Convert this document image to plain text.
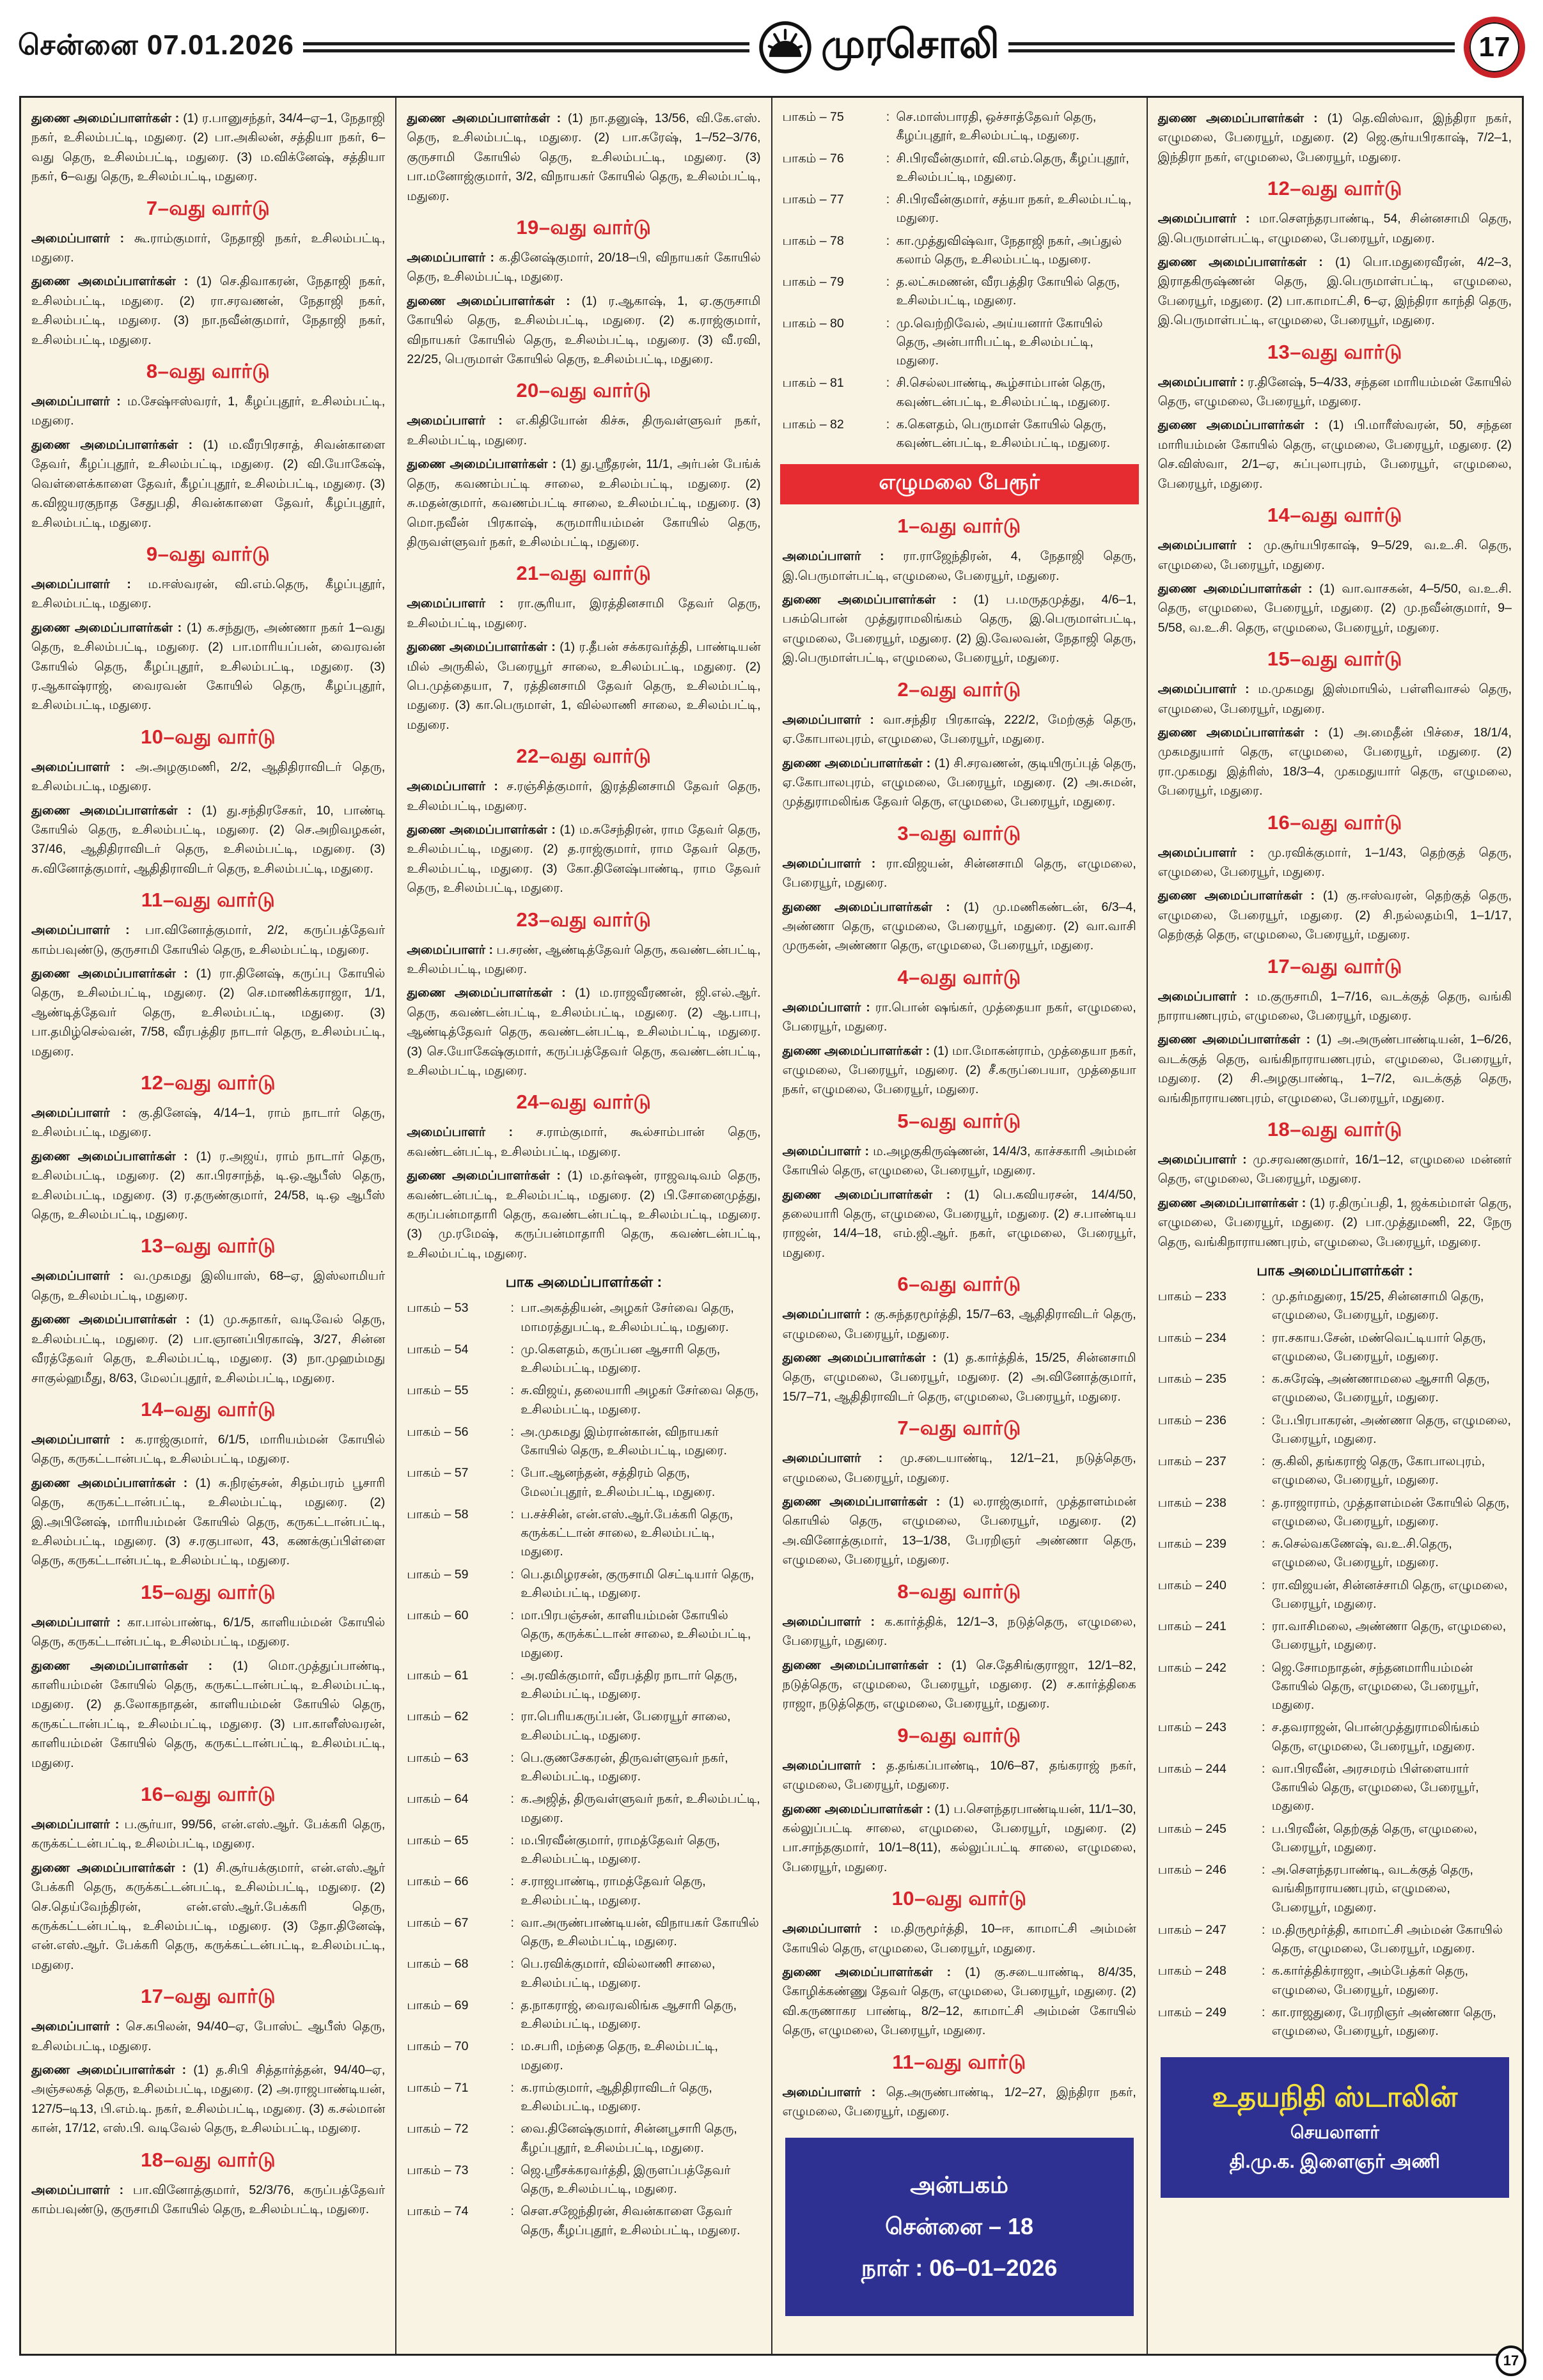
சென்னை 07.01.2026	முரசொலி	17

துணை அமைப்பாளர்கள் : (1) ர.பானுசந்தர், 34/4–ஏ–1, நேதாஜி நகர், உசிலம்பட்டி, மதுரை. (2) பா.அகிலன், சத்தியா நகர், 6–வது தெரு, உசிலம்பட்டி, மதுரை. (3) ம.விக்னேஷ், சத்தியா நகர், 6–வது தெரு, உசிலம்பட்டி, மதுரை.

7–வது வார்டு

அமைப்பாளர் : கூ.ராம்குமார், நேதாஜி நகர், உசிலம்பட்டி, மதுரை.

துணை அமைப்பாளர்கள் : (1) செ.திவாகரன், நேதாஜி நகர், உசிலம்பட்டி, மதுரை. (2) ரா.சரவணன், நேதாஜி நகர், உசிலம்பட்டி, மதுரை. (3) நா.நவீன்குமார், நேதாஜி நகர், உசிலம்பட்டி, மதுரை.

8–வது வார்டு

அமைப்பாளர் : ம.சேஷ்ஈஸ்வரர், 1, கீழப்புதூர், உசிலம்பட்டி, மதுரை.

துணை அமைப்பாளர்கள் : (1) ம.வீரபிரசாத், சிவன்காளை தேவர், கீழப்புதூர், உசிலம்பட்டி, மதுரை. (2) வி.யோகேஷ், வெள்ளைக்காளை தேவர், கீழப்புதூர், உசிலம்பட்டி, மதுரை. (3) க.விஜயரகுநாத சேதுபதி, சிவன்காளை தேவர், கீழப்புதூர், உசிலம்பட்டி, மதுரை.

9–வது வார்டு

அமைப்பாளர் : ம.ஈஸ்வரன், வி.எம்.தெரு, கீழப்புதூர், உசிலம்பட்டி, மதுரை.

துணை அமைப்பாளர்கள் : (1) க.சந்துரு, அண்ணா நகர் 1–வது தெரு, உசிலம்பட்டி, மதுரை. (2) பா.மாரியப்பன், வைரவன் கோயில் தெரு, கீழப்புதூர், உசிலம்பட்டி, மதுரை. (3) ர.ஆகாஷ்ராஜ், வைரவன் கோயில் தெரு, கீழப்புதூர், உசிலம்பட்டி, மதுரை.

10–வது வார்டு

அமைப்பாளர் : அ.அழகுமணி, 2/2, ஆதிதிராவிடர் தெரு, உசிலம்பட்டி, மதுரை.

துணை அமைப்பாளர்கள் : (1) து.சந்திரசேகர், 10, பாண்டி கோயில் தெரு, உசிலம்பட்டி, மதுரை. (2) செ.அறிவழகன், 37/46, ஆதிதிராவிடர் தெரு, உசிலம்பட்டி, மதுரை. (3) சு.வினோத்குமார், ஆதிதிராவிடர் தெரு, உசிலம்பட்டி, மதுரை.

11–வது வார்டு

அமைப்பாளர் : பா.வினோத்குமார், 2/2, கருப்பத்தேவர் காம்பவுண்டு, குருசாமி கோயில் தெரு, உசிலம்பட்டி, மதுரை.

துணை அமைப்பாளர்கள் : (1) ரா.தினேஷ், கருப்பு கோயில் தெரு, உசிலம்பட்டி, மதுரை. (2) செ.மாணிக்கராஜா, 1/1, ஆண்டித்தேவர் தெரு, உசிலம்பட்டி, மதுரை. (3) பா.தமிழ்செல்வன், 7/58, வீரபத்திர நாடார் தெரு, உசிலம்பட்டி, மதுரை.

12–வது வார்டு

அமைப்பாளர் : கு.தினேஷ், 4/14–1, ராம் நாடார் தெரு, உசிலம்பட்டி, மதுரை.

துணை அமைப்பாளர்கள் : (1) ர.அஜய், ராம் நாடார் தெரு, உசிலம்பட்டி, மதுரை. (2) கா.பிரசாந்த், டி.ஒ.ஆபீஸ் தெரு, உசிலம்பட்டி, மதுரை. (3) ர.தருண்குமார், 24/58, டி.ஒ ஆபீஸ் தெரு, உசிலம்பட்டி, மதுரை.

13–வது வார்டு

அமைப்பாளர் : வ.முகமது இலியாஸ், 68–ஏ, இஸ்லாமியர் தெரு, உசிலம்பட்டி, மதுரை.

துணை அமைப்பாளர்கள் : (1) மு.சுதாகர், வடிவேல் தெரு, உசிலம்பட்டி, மதுரை. (2) பா.ஞானப்பிரகாஷ், 3/27, சின்ன வீரத்தேவர் தெரு, உசிலம்பட்டி, மதுரை. (3) நா.முஹம்மது சாகுல்ஹமீது, 8/63, மேலப்புதூர், உசிலம்பட்டி, மதுரை.

14–வது வார்டு

அமைப்பாளர் : க.ராஜ்குமார், 6/1/5, மாரியம்மன் கோயில் தெரு, கருகட்டான்பட்டி, உசிலம்பட்டி, மதுரை.

துணை அமைப்பாளர்கள் : (1) சு.நிரஞ்சன், சிதம்பரம் பூசாரி தெரு, கருகட்டான்பட்டி, உசிலம்பட்டி, மதுரை. (2) இ.அபினேஷ், மாரியம்மன் கோயில் தெரு, கருகட்டான்பட்டி, உசிலம்பட்டி, மதுரை. (3) ச.ரகுபாலா, 43, கணக்குப்பிள்ளை தெரு, கருகட்டான்பட்டி, உசிலம்பட்டி, மதுரை.

15–வது வார்டு

அமைப்பாளர் : கா.பால்பாண்டி, 6/1/5, காளியம்மன் கோயில் தெரு, கருகட்டான்பட்டி, உசிலம்பட்டி, மதுரை.

துணை அமைப்பாளர்கள் : (1) மொ.முத்துப்பாண்டி, காளியம்மன் கோயில் தெரு, கருகட்டான்பட்டி, உசிலம்பட்டி, மதுரை. (2) த.லோகநாதன், காளியம்மன் கோயில் தெரு, கருகட்டான்பட்டி, உசிலம்பட்டி, மதுரை. (3) பா.காளீஸ்வரன், காளியம்மன் கோயில் தெரு, கருகட்டான்பட்டி, உசிலம்பட்டி, மதுரை.

16–வது வார்டு

அமைப்பாளர் : ப.சூர்யா, 99/56, என்.எஸ்.ஆர். பேக்கரி தெரு, கருக்கட்டன்பட்டி, உசிலம்பட்டி, மதுரை.

துணை அமைப்பாளர்கள் : (1) சி.சூர்யக்குமார், என்.எஸ்.ஆர் பேக்கரி தெரு, கருக்கட்டன்பட்டி, உசிலம்பட்டி, மதுரை. (2) செ.தெய்வேந்திரன், என்.எஸ்.ஆர்.பேக்கரி தெரு, கருக்கட்டன்பட்டி, உசிலம்பட்டி, மதுரை. (3) தோ.தினேஷ், என்.எஸ்.ஆர். பேக்கரி தெரு, கருக்கட்டன்பட்டி, உசிலம்பட்டி, மதுரை.

17–வது வார்டு

அமைப்பாளர் : செ.கபிலன், 94/40–ஏ, போஸ்ட் ஆபீஸ் தெரு, உசிலம்பட்டி, மதுரை.

துணை அமைப்பாளர்கள் : (1) த.சிபி சித்தார்த்தன், 94/40–ஏ, அஞ்சலகத் தெரு, உசிலம்பட்டி, மதுரை. (2) அ.ராஜபாண்டியன், 127/5–டி13, பி.எம்.டி. நகர், உசிலம்பட்டி, மதுரை. (3) க.சல்மான் கான், 17/12, எஸ்.பி. வடிவேல் தெரு, உசிலம்பட்டி, மதுரை.

18–வது வார்டு

அமைப்பாளர் : பா.வினோத்குமார், 52/3/76, கருப்பத்தேவர் காம்பவுண்டு, குருசாமி கோயில் தெரு, உசிலம்பட்டி, மதுரை.

துணை அமைப்பாளர்கள் : (1) நா.தனுஷ், 13/56, வி.கே.எஸ். தெரு, உசிலம்பட்டி, மதுரை. (2) பா.சுரேஷ், 1–/52–3/76, குருசாமி கோயில் தெரு, உசிலம்பட்டி, மதுரை. (3) பா.மனோஜ்குமார், 3/2, விநாயகர் கோயில் தெரு, உசிலம்பட்டி, மதுரை.

19–வது வார்டு

அமைப்பாளர் : க.தினேஷ்குமார், 20/18–பி, விநாயகர் கோயில் தெரு, உசிலம்பட்டி, மதுரை.

துணை அமைப்பாளர்கள் : (1) ர.ஆகாஷ், 1, ஏ.குருசாமி கோயில் தெரு, உசிலம்பட்டி, மதுரை. (2) க.ராஜ்குமார், விநாயகர் கோயில் தெரு, உசிலம்பட்டி, மதுரை. (3) வீ.ரவி, 22/25, பெருமாள் கோயில் தெரு, உசிலம்பட்டி, மதுரை.

20–வது வார்டு

அமைப்பாளர் : எ.கிதியோன் கிச்சு, திருவள்ளுவர் நகர், உசிலம்பட்டி, மதுரை.

துணை அமைப்பாளர்கள் : (1) து.ஸ்ரீதரன், 11/1, அர்பன் பேங்க் தெரு, கவணம்பட்டி சாலை, உசிலம்பட்டி, மதுரை. (2) சு.மதன்குமார், கவணம்பட்டி சாலை, உசிலம்பட்டி, மதுரை. (3) மொ.நவீன் பிரகாஷ், கருமாரியம்மன் கோயில் தெரு, திருவள்ளுவர் நகர், உசிலம்பட்டி, மதுரை.

21–வது வார்டு

அமைப்பாளர் : ரா.சூரியா, இரத்தினசாமி தேவர் தெரு, உசிலம்பட்டி, மதுரை.

துணை அமைப்பாளர்கள் : (1) ர.தீபன் சக்கரவர்த்தி, பாண்டியன் மில் அருகில், பேரையூர் சாலை, உசிலம்பட்டி, மதுரை. (2) பெ.முத்தையா, 7, ரத்தினசாமி தேவர் தெரு, உசிலம்பட்டி, மதுரை. (3) கா.பெருமாள், 1, வில்லாணி சாலை, உசிலம்பட்டி, மதுரை.

22–வது வார்டு

அமைப்பாளர் : ச.ரஞ்சித்குமார், இரத்தினசாமி தேவர் தெரு, உசிலம்பட்டி, மதுரை.

துணை அமைப்பாளர்கள் : (1) ம.சுசேந்திரன், ராம தேவர் தெரு, உசிலம்பட்டி, மதுரை. (2) த.ராஜ்குமார், ராம தேவர் தெரு, உசிலம்பட்டி, மதுரை. (3) கோ.தினேஷ்பாண்டி, ராம தேவர் தெரு, உசிலம்பட்டி, மதுரை.

23–வது வார்டு

அமைப்பாளர் : ப.சரண், ஆண்டித்தேவர் தெரு, கவண்டன்பட்டி, உசிலம்பட்டி, மதுரை.

துணை அமைப்பாளர்கள் : (1) ம.ராஜவீரணன், ஜி.எல்.ஆர். தெரு, கவண்டன்பட்டி, உசிலம்பட்டி, மதுரை. (2) ஆ.பாபு, ஆண்டித்தேவர் தெரு, கவண்டன்பட்டி, உசிலம்பட்டி, மதுரை. (3) செ.யோகேஷ்குமார், கருப்பத்தேவர் தெரு, கவண்டன்பட்டி, உசிலம்பட்டி, மதுரை.

24–வது வார்டு

அமைப்பாளர் : ச.ராம்குமார், கூல்சாம்பான் தெரு, கவண்டன்பட்டி, உசிலம்பட்டி, மதுரை.

துணை அமைப்பாளர்கள் : (1) ம.தர்ஷன், ராஜவடிவம் தெரு, கவண்டன்பட்டி, உசிலம்பட்டி, மதுரை. (2) பி.சோனைமுத்து, கருப்பன்மாதாரி தெரு, கவண்டன்பட்டி, உசிலம்பட்டி, மதுரை. (3) மு.ரமேஷ், கருப்பன்மாதாரி தெரு, கவண்டன்பட்டி, உசிலம்பட்டி, மதுரை.

பாக அமைப்பாளர்கள் :
பாகம் – 53	: பா.அகத்தியன், அழகர் சேர்வை தெரு, மாமரத்துபட்டி, உசிலம்பட்டி, மதுரை.
பாகம் – 54	: மு.கௌதம், கருப்பன ஆசாரி தெரு, உசிலம்பட்டி, மதுரை.
பாகம் – 55	: சு.விஜய், தலையாரி அழகர் சேர்வை தெரு, உசிலம்பட்டி, மதுரை.
பாகம் – 56	: அ.முகமது இம்ரான்கான், விநாயகர் கோயில் தெரு, உசிலம்பட்டி, மதுரை.
பாகம் – 57	: போ.ஆனந்தன், சத்திரம் தெரு, மேலப்புதூர், உசிலம்பட்டி, மதுரை.
பாகம் – 58	: ப.சச்சின், என்.எஸ்.ஆர்.பேக்கரி தெரு, கருக்கட்டான் சாலை, உசிலம்பட்டி, மதுரை.
பாகம் – 59	: பெ.தமிழரசன், குருசாமி செட்டியார் தெரு, உசிலம்பட்டி, மதுரை.
பாகம் – 60	: மா.பிரபஞ்சன், காளியம்மன் கோயில் தெரு, கருக்கட்டான் சாலை, உசிலம்பட்டி, மதுரை.
பாகம் – 61	: அ.ரவிக்குமார், வீரபத்திர நாடார் தெரு, உசிலம்பட்டி, மதுரை.
பாகம் – 62	: ரா.பெரியகருப்பன், பேரையூர் சாலை, உசிலம்பட்டி, மதுரை.
பாகம் – 63	: பெ.குணசேகரன், திருவள்ளுவர் நகர், உசிலம்பட்டி, மதுரை.
பாகம் – 64	: க.அஜித், திருவள்ளுவர் நகர், உசிலம்பட்டி, மதுரை.
பாகம் – 65	: ம.பிரவீன்குமார், ராமத்தேவர் தெரு, உசிலம்பட்டி, மதுரை.
பாகம் – 66	: ச.ராஜபாண்டி, ராமத்தேவர் தெரு, உசிலம்பட்டி, மதுரை.
பாகம் – 67	: வா.அருண்பாண்டியன், விநாயகர் கோயில் தெரு, உசிலம்பட்டி, மதுரை.
பாகம் – 68	: பெ.ரவிக்குமார், வில்லாணி சாலை, உசிலம்பட்டி, மதுரை.
பாகம் – 69	: த.நாகராஜ், வைரவலிங்க ஆசாரி தெரு, உசிலம்பட்டி, மதுரை.
பாகம் – 70	: ம.சபரி, மந்தை தெரு, உசிலம்பட்டி, மதுரை.
பாகம் – 71	: க.ராம்குமார், ஆதிதிராவிடர் தெரு, உசிலம்பட்டி, மதுரை.
பாகம் – 72	: வை.தினேஷ்குமார், சின்னபூசாரி தெரு, கீழப்புதூர், உசிலம்பட்டி, மதுரை.
பாகம் – 73	: ஜெ.ஸ்ரீசக்கரவர்த்தி, இருளப்பத்தேவர் தெரு, உசிலம்பட்டி, மதுரை.
பாகம் – 74	: சௌ.சஜேந்திரன், சிவன்காளை தேவர் தெரு, கீழப்புதூர், உசிலம்பட்டி, மதுரை.
பாகம் – 75	: செ.மாஸ்பாரதி, ஒச்சாத்தேவர் தெரு, கீழப்புதூர், உசிலம்பட்டி, மதுரை.
பாகம் – 76	: சி.பிரவீன்குமார், வி.எம்.தெரு, கீழப்புதூர், உசிலம்பட்டி, மதுரை.
பாகம் – 77	: சி.பிரவீன்குமார், சத்யா நகர், உசிலம்பட்டி, மதுரை.
பாகம் – 78	: கா.முத்துவிஷ்வா, நேதாஜி நகர், அப்துல் கலாம் தெரு, உசிலம்பட்டி, மதுரை.
பாகம் – 79	: த.லட்சுமணன், வீரபத்திர கோயில் தெரு, உசிலம்பட்டி, மதுரை.
பாகம் – 80	: மு.வெற்றிவேல், அய்யனார் கோயில் தெரு, அன்பாரிபட்டி, உசிலம்பட்டி, மதுரை.
பாகம் – 81	: சி.செல்லபாண்டி, கூழ்சாம்பான் தெரு, கவுண்டன்பட்டி, உசிலம்பட்டி, மதுரை.
பாகம் – 82	: க.கௌதம், பெருமாள் கோயில் தெரு, கவுண்டன்பட்டி, உசிலம்பட்டி, மதுரை.
எழுமலை பேரூர்
1–வது வார்டு

அமைப்பாளர் : ரா.ராஜேந்திரன், 4, நேதாஜி தெரு, இ.பெருமாள்பட்டி, எழுமலை, பேரையூர், மதுரை.

துணை அமைப்பாளர்கள் : (1) ப.மருதமுத்து, 4/6–1, பசும்பொன் முத்துராமலிங்கம் தெரு, இ.பெருமாள்பட்டி, எழுமலை, பேரையூர், மதுரை. (2) இ.வேலவன், நேதாஜி தெரு, இ.பெருமாள்பட்டி, எழுமலை, பேரையூர், மதுரை.

2–வது வார்டு

அமைப்பாளர் : வா.சந்திர பிரகாஷ், 222/2, மேற்குத் தெரு, ஏ.கோபாலபுரம், எழுமலை, பேரையூர், மதுரை.

துணை அமைப்பாளர்கள் : (1) சி.சரவணன், குடியிருப்புத் தெரு, ஏ.கோபாலபுரம், எழுமலை, பேரையூர், மதுரை. (2) அ.சுமன், முத்துராமலிங்க தேவர் தெரு, எழுமலை, பேரையூர், மதுரை.

3–வது வார்டு

அமைப்பாளர் : ரா.விஜயன், சின்னசாமி தெரு, எழுமலை, பேரையூர், மதுரை.

துணை அமைப்பாளர்கள் : (1) மு.மணிகண்டன், 6/3–4, அண்ணா தெரு, எழுமலை, பேரையூர், மதுரை. (2) வா.வாசி முருகன், அண்ணா தெரு, எழுமலை, பேரையூர், மதுரை.

4–வது வார்டு

அமைப்பாளர் : ரா.பொன் ஷங்கர், முத்தையா நகர், எழுமலை, பேரையூர், மதுரை.

துணை அமைப்பாளர்கள் : (1) மா.மோகன்ராம், முத்தையா நகர், எழுமலை, பேரையூர், மதுரை. (2) சீ.கருப்பையா, முத்தையா நகர், எழுமலை, பேரையூர், மதுரை.

5–வது வார்டு

அமைப்பாளர் : ம.அழகுகிருஷ்ணன், 14/4/3, காச்சகாரி அம்மன் கோயில் தெரு, எழுமலை, பேரையூர், மதுரை.

துணை அமைப்பாளர்கள் : (1) பெ.கவியரசன், 14/4/50, தலையாரி தெரு, எழுமலை, பேரையூர், மதுரை. (2) ச.பாண்டிய ராஜன், 14/4–18, எம்.ஜி.ஆர். நகர், எழுமலை, பேரையூர், மதுரை.

6–வது வார்டு

அமைப்பாளர் : கு.சுந்தரமூர்த்தி, 15/7–63, ஆதிதிராவிடர் தெரு, எழுமலை, பேரையூர், மதுரை.

துணை அமைப்பாளர்கள் : (1) த.கார்த்திக், 15/25, சின்னசாமி தெரு, எழுமலை, பேரையூர், மதுரை. (2) அ.வினோத்குமார், 15/7–71, ஆதிதிராவிடர் தெரு, எழுமலை, பேரையூர், மதுரை.

7–வது வார்டு

அமைப்பாளர் : மு.சடையாண்டி, 12/1–21, நடுத்தெரு, எழுமலை, பேரையூர், மதுரை.

துணை அமைப்பாளர்கள் : (1) ல.ராஜ்குமார், முத்தாளம்மன் கொயில் தெரு, எழுமலை, பேரையூர், மதுரை. (2) அ.வினோத்குமார், 13–1/38, பேரறிஞர் அண்ணா தெரு, எழுமலை, பேரையூர், மதுரை.

8–வது வார்டு

அமைப்பாளர் : க.கார்த்திக், 12/1–3, நடுத்தெரு, எழுமலை, பேரையூர், மதுரை.

துணை அமைப்பாளர்கள் : (1) செ.தேசிங்குராஜா, 12/1–82, நடுத்தெரு, எழுமலை, பேரையூர், மதுரை. (2) ச.கார்த்திகை ராஜா, நடுத்தெரு, எழுமலை, பேரையூர், மதுரை.

9–வது வார்டு

அமைப்பாளர் : த.தங்கப்பாண்டி, 10/6–87, தங்கராஜ் நகர், எழுமலை, பேரையூர், மதுரை.

துணை அமைப்பாளர்கள் : (1) ப.சௌந்தரபாண்டியன், 11/1–30, கல்லுப்பட்டி சாலை, எழுமலை, பேரையூர், மதுரை. (2) பா.சாந்தகுமார், 10/1–8(11), கல்லுப்பட்டி சாலை, எழுமலை, பேரையூர், மதுரை.

10–வது வார்டு

அமைப்பாளர் : ம.திருமூர்த்தி, 10–ஈ, காமாட்சி அம்மன் கோயில் தெரு, எழுமலை, பேரையூர், மதுரை.

துணை அமைப்பாளர்கள் : (1) கு.சடையாண்டி, 8/4/35, கோழிக்கண்ணு தேவர் தெரு, எழுமலை, பேரையூர், மதுரை. (2) வி.கருணாகர பாண்டி, 8/2–12, காமாட்சி அம்மன் கோயில் தெரு, எழுமலை, பேரையூர், மதுரை.

11–வது வார்டு

அமைப்பாளர் : தெ.அருண்பாண்டி, 1/2–27, இந்திரா நகர், எழுமலை, பேரையூர், மதுரை.

அன்பகம்
சென்னை – 18
நாள் : 06–01–2026

துணை அமைப்பாளர்கள் : (1) தெ.விஸ்வா, இந்திரா நகர், எழுமலை, பேரையூர், மதுரை. (2) ஜெ.சூர்யபிரகாஷ், 7/2–1, இந்திரா நகர், எழுமலை, பேரையூர், மதுரை.

12–வது வார்டு

அமைப்பாளர் : மா.சௌந்தரபாண்டி, 54, சின்னசாமி தெரு, இ.பெருமாள்பட்டி, எழுமலை, பேரையூர், மதுரை.

துணை அமைப்பாளர்கள் : (1) பொ.மதுரைவீரன், 4/2–3, இராதகிருஷ்ணன் தெரு, இ.பெருமாள்பட்டி, எழுமலை, பேரையூர், மதுரை. (2) பா.காமாட்சி, 6–ஏ, இந்திரா காந்தி தெரு, இ.பெருமாள்பட்டி, எழுமலை, பேரையூர், மதுரை.

13–வது வார்டு

அமைப்பாளர் : ர.தினேஷ், 5–4/33, சந்தன மாரியம்மன் கோயில் தெரு, எழுமலை, பேரையூர், மதுரை.

துணை அமைப்பாளர்கள் : (1) பி.மாரீஸ்வரன், 50, சந்தன மாரியம்மன் கோயில் தெரு, எழுமலை, பேரையூர், மதுரை. (2) செ.விஸ்வா, 2/1–ஏ, சுப்புலாபுரம், பேரையூர், எழுமலை, பேரையூர், மதுரை.

14–வது வார்டு

அமைப்பாளர் : மு.சூர்யபிரகாஷ், 9–5/29, வ.உ.சி. தெரு, எழுமலை, பேரையூர், மதுரை.

துணை அமைப்பாளர்கள் : (1) வா.வாசகன், 4–5/50, வ.உ.சி. தெரு, எழுமலை, பேரையூர், மதுரை. (2) மு.நவீன்குமார், 9–5/58, வ.உ.சி. தெரு, எழுமலை, பேரையூர், மதுரை.

15–வது வார்டு

அமைப்பாளர் : ம.முகமது இஸ்மாயில், பள்ளிவாசல் தெரு, எழுமலை, பேரையூர், மதுரை.

துணை அமைப்பாளர்கள் : (1) அ.மைதீன் பிச்சை, 18/1/4, முகமதுயார் தெரு, எழுமலை, பேரையூர், மதுரை. (2) ரா.முகமது இத்ரிஸ், 18/3–4, முகமதுயார் தெரு, எழுமலை, பேரையூர், மதுரை.

16–வது வார்டு

அமைப்பாளர் : மு.ரவிக்குமார், 1–1/43, தெற்குத் தெரு, எழுமலை, பேரையூர், மதுரை.

துணை அமைப்பாளர்கள் : (1) கு.ஈஸ்வரன், தெற்குத் தெரு, எழுமலை, பேரையூர், மதுரை. (2) சி.நல்லதம்பி, 1–1/17, தெற்குத் தெரு, எழுமலை, பேரையூர், மதுரை.

17–வது வார்டு

அமைப்பாளர் : ம.குருசாமி, 1–7/16, வடக்குத் தெரு, வங்கி நாராயணபுரம், எழுமலை, பேரையூர், மதுரை.

துணை அமைப்பாளர்கள் : (1) அ.அருண்பாண்டியன், 1–6/26, வடக்குத் தெரு, வங்கிநாராயணபுரம், எழுமலை, பேரையூர், மதுரை. (2) சி.அழகுபாண்டி, 1–7/2, வடக்குத் தெரு, வங்கிநாராயணபுரம், எழுமலை, பேரையூர், மதுரை.

18–வது வார்டு

அமைப்பாளர் : மு.சரவணகுமார், 16/1–12, எழுமலை மன்னர் தெரு, எழுமலை, பேரையூர், மதுரை.

துணை அமைப்பாளர்கள் : (1) ர.திருப்பதி, 1, ஜக்கம்மாள் தெரு, எழுமலை, பேரையூர், மதுரை. (2) பா.முத்துமணி, 22, நேரு தெரு, வங்கிநாராயணபுரம், எழுமலை, பேரையூர், மதுரை.

பாக அமைப்பாளர்கள் :
பாகம் – 233	: மு.தர்மதுரை, 15/25, சின்னசாமி தெரு, எழுமலை, பேரையூர், மதுரை.
பாகம் – 234	: ரா.சகாய.சேன், மண்வெட்டியார் தெரு, எழுமலை, பேரையூர், மதுரை.
பாகம் – 235	: க.சுரேஷ், அண்ணாமலை ஆசாரி தெரு, எழுமலை, பேரையூர், மதுரை.
பாகம் – 236	: பே.பிரபாகரன், அண்ணா தெரு, எழுமலை, பேரையூர், மதுரை.
பாகம் – 237	: கு.கிலி, தங்கராஜ் தெரு, கோபாலபுரம், எழுமலை, பேரையூர், மதுரை.
பாகம் – 238	: த.ராஜாராம், முத்தாளம்மன் கோயில் தெரு, எழுமலை, பேரையூர், மதுரை.
பாகம் – 239	: சு.செல்வகணேஷ், வ.உ.சி.தெரு, எழுமலை, பேரையூர், மதுரை.
பாகம் – 240	: ரா.விஜயன், சின்னச்சாமி தெரு, எழுமலை, பேரையூர், மதுரை.
பாகம் – 241	: ரா.வாசிமலை, அண்ணா தெரு, எழுமலை, பேரையூர், மதுரை.
பாகம் – 242	: ஜெ.சோமநாதன், சந்தனமாரியம்மன் கோயில் தெரு, எழுமலை, பேரையூர், மதுரை.
பாகம் – 243	: ச.தவராஜன், பொன்முத்துராமலிங்கம் தெரு, எழுமலை, பேரையூர், மதுரை.
பாகம் – 244	: வா.பிரவீன், அரசமரம் பிள்ளையார் கோயில் தெரு, எழுமலை, பேரையூர், மதுரை.
பாகம் – 245	: ப.பிரவீன், தெற்குத் தெரு, எழுமலை, பேரையூர், மதுரை.
பாகம் – 246	: அ.சௌந்தரபாண்டி, வடக்குத் தெரு, வங்கிநாராயணபுரம், எழுமலை, பேரையூர், மதுரை.
பாகம் – 247	: ம.திருமூர்த்தி, காமாட்சி அம்மன் கோயில் தெரு, எழுமலை, பேரையூர், மதுரை.
பாகம் – 248	: க.கார்த்திக்ராஜா, அம்பேத்கர் தெரு, எழுமலை, பேரையூர், மதுரை.
பாகம் – 249	: கா.ராஜதுரை, பேரறிஞர் அண்ணா தெரு, எழுமலை, பேரையூர், மதுரை.
உதயநிதி ஸ்டாலின்
செயலாளர்
தி.மு.க. இளைஞர் அணி
17
